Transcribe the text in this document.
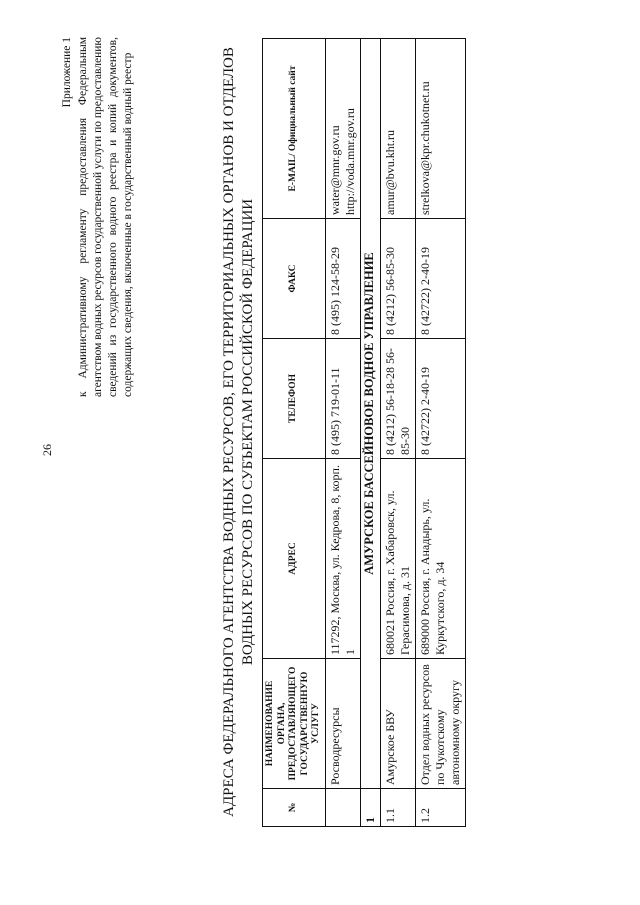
26
Приложение 1 к Административному регламенту предоставления Федеральным агентством водных ресурсов государственной услуги по предоставлению сведений из государственного водного реестра и копий документов, содержащих сведения, включенные в государственный водный реестр	АДРЕСА ФЕДЕРАЛЬНОГО АГЕНТСТВА ВОДНЫХ РЕСУРСОВ, ЕГО ТЕРРИТОРИАЛЬНЫХ ОРГАНОВ И ОТДЕЛОВ ВОДНЫХ РЕСУРСОВ ПО СУБЪЕКТАМ РОССИЙСКОЙ ФЕДЕРАЦИИ
№	НАИМЕНОВАНИЕ ОРГАНА, ПРЕДОСТАВЛЯЮЩЕГО ГОСУДАРСТВЕННУЮ УСЛУГУ	АДРЕС	ТЕЛЕФОН	ФАКС	E-MAIL/ Официальный сайт
	Росводресурсы	117292, Москва, ул. Кедрова, 8, корп. 1	8 (495) 719-01-11	8 (495) 124-58-29	water@mnr.gov.ru http://voda.mnr.gov.ru
1	АМУРСКОЕ БАССЕЙНОВОЕ ВОДНОЕ УПРАВЛЕНИЕ				
1.1	Амурское БВУ	680021 Россия, г. Хабаровск, ул. Герасимова, д. 31	8 (4212) 56-18-28 56-85-30	8 (4212) 56-85-30	amur@bvu.kht.ru
1.2	Отдел водных ресурсов по Чукотскому автономному округу	689000 Россия, г. Анадырь, ул. Куркутского, д. 34	8 (42722) 2-40-19	8 (42722) 2-40-19	strelkova@kpr.chukotnet.ru
